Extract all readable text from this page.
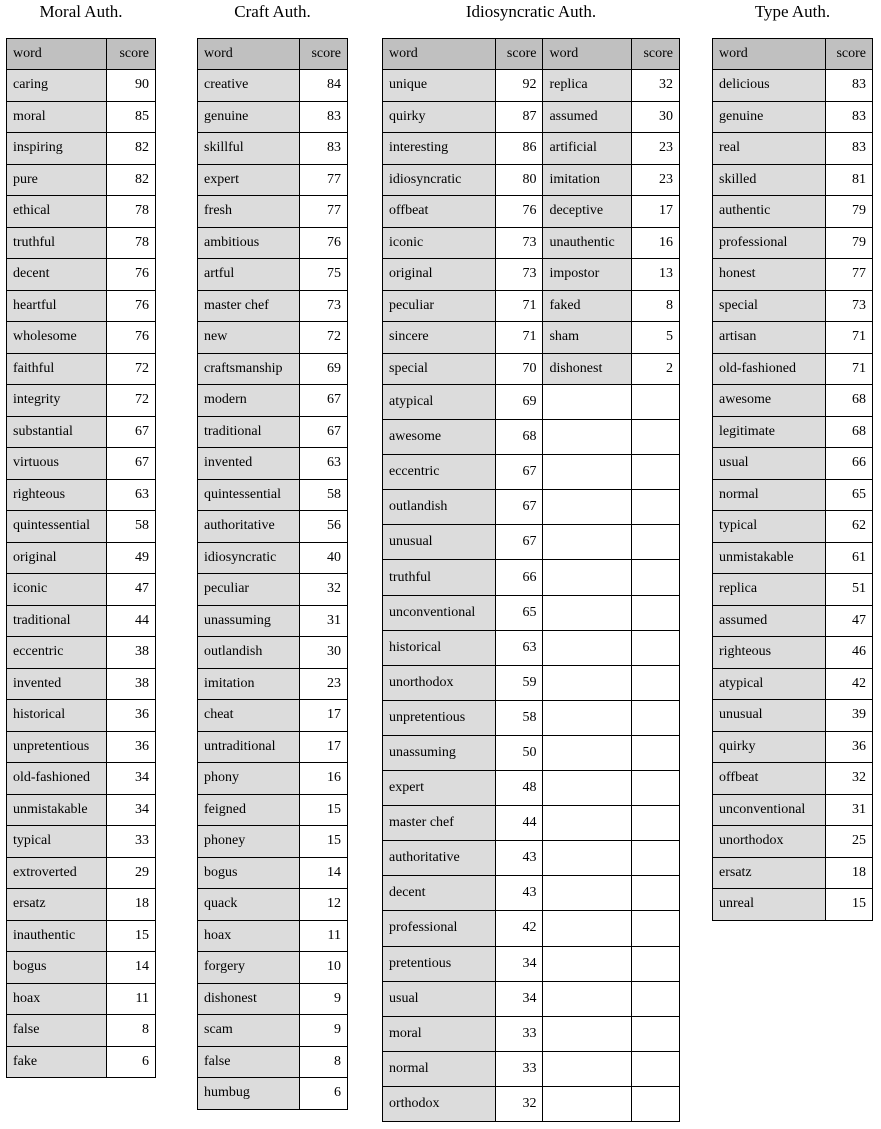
Moral Auth.
word	score
caring	90
moral	85
inspiring	82
pure	82
ethical	78
truthful	78
decent	76
heartful	76
wholesome	76
faithful	72
integrity	72
substantial	67
virtuous	67
righteous	63
quintessential	58
original	49
iconic	47
traditional	44
eccentric	38
invented	38
historical	36
unpretentious	36
old-fashioned	34
unmistakable	34
typical	33
extroverted	29
ersatz	18
inauthentic	15
bogus	14
hoax	11
false	8
fake	6
Craft Auth.
word	score
creative	84
genuine	83
skillful	83
expert	77
fresh	77
ambitious	76
artful	75
master chef	73
new	72
craftsmanship	69
modern	67
traditional	67
invented	63
quintessential	58
authoritative	56
idiosyncratic	40
peculiar	32
unassuming	31
outlandish	30
imitation	23
cheat	17
untraditional	17
phony	16
feigned	15
phoney	15
bogus	14
quack	12
hoax	11
forgery	10
dishonest	9
scam	9
false	8
humbug	6
Idiosyncratic Auth.
word	score	word	score
unique	92	replica	32
quirky	87	assumed	30
interesting	86	artificial	23
idiosyncratic	80	imitation	23
offbeat	76	deceptive	17
iconic	73	unauthentic	16
original	73	impostor	13
peculiar	71	faked	8
sincere	71	sham	5
special	70	dishonest	2
atypical	69		
awesome	68		
eccentric	67		
outlandish	67		
unusual	67		
truthful	66		
unconventional	65		
historical	63		
unorthodox	59		
unpretentious	58		
unassuming	50		
expert	48		
master chef	44		
authoritative	43		
decent	43		
professional	42		
pretentious	34		
usual	34		
moral	33		
normal	33		
orthodox	32		
Type Auth.
word	score
delicious	83
genuine	83
real	83
skilled	81
authentic	79
professional	79
honest	77
special	73
artisan	71
old-fashioned	71
awesome	68
legitimate	68
usual	66
normal	65
typical	62
unmistakable	61
replica	51
assumed	47
righteous	46
atypical	42
unusual	39
quirky	36
offbeat	32
unconventional	31
unorthodox	25
ersatz	18
unreal	15
